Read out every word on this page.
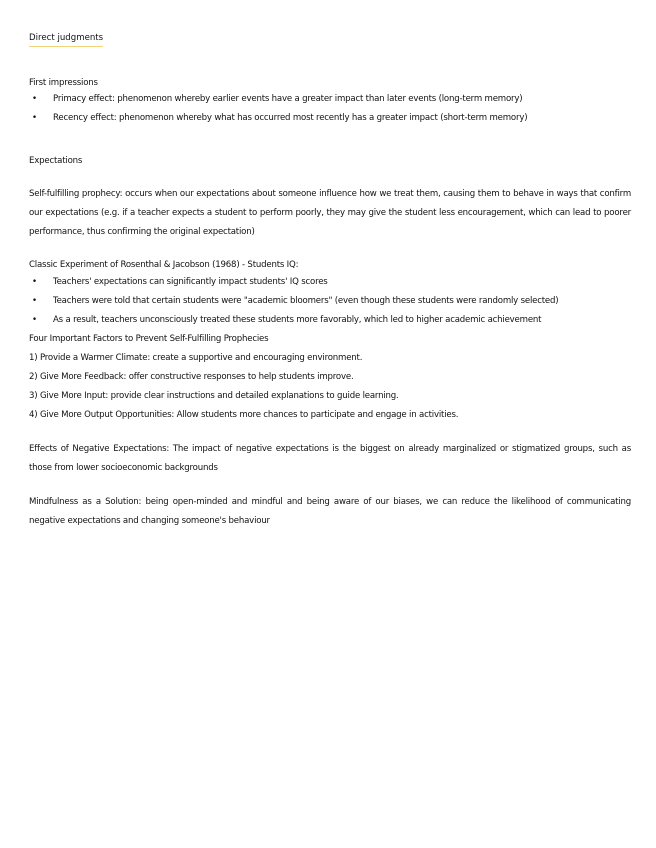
Direct judgments
First impressions
• Primacy effect: phenomenon whereby earlier events have a greater impact than later events (long-term memory)
• Recency effect: phenomenon whereby what has occurred most recently has a greater impact (short-term memory)
Expectations
Self-fulfilling prophecy: occurs when our expectations about someone influence how we treat them, causing them to behave in ways that confirm our expectations (e.g. if a teacher expects a student to perform poorly, they may give the student less encouragement, which can lead to poorer performance, thus confirming the original expectation)
Classic Experiment of Rosenthal & Jacobson (1968) - Students IQ:
• Teachers' expectations can significantly impact students' IQ scores
• Teachers were told that certain students were "academic bloomers" (even though these students were randomly selected)
• As a result, teachers unconsciously treated these students more favorably, which led to higher academic achievement
Four Important Factors to Prevent Self-Fulfilling Prophecies
1) Provide a Warmer Climate: create a supportive and encouraging environment.
2) Give More Feedback: offer constructive responses to help students improve.
3) Give More Input: provide clear instructions and detailed explanations to guide learning.
4) Give More Output Opportunities: Allow students more chances to participate and engage in activities.
Effects of Negative Expectations: The impact of negative expectations is the biggest on already marginalized or stigmatized groups, such as those from lower socioeconomic backgrounds
Mindfulness as a Solution: being open-minded and mindful and being aware of our biases, we can reduce the likelihood of communicating negative expectations and changing someone's behaviour
